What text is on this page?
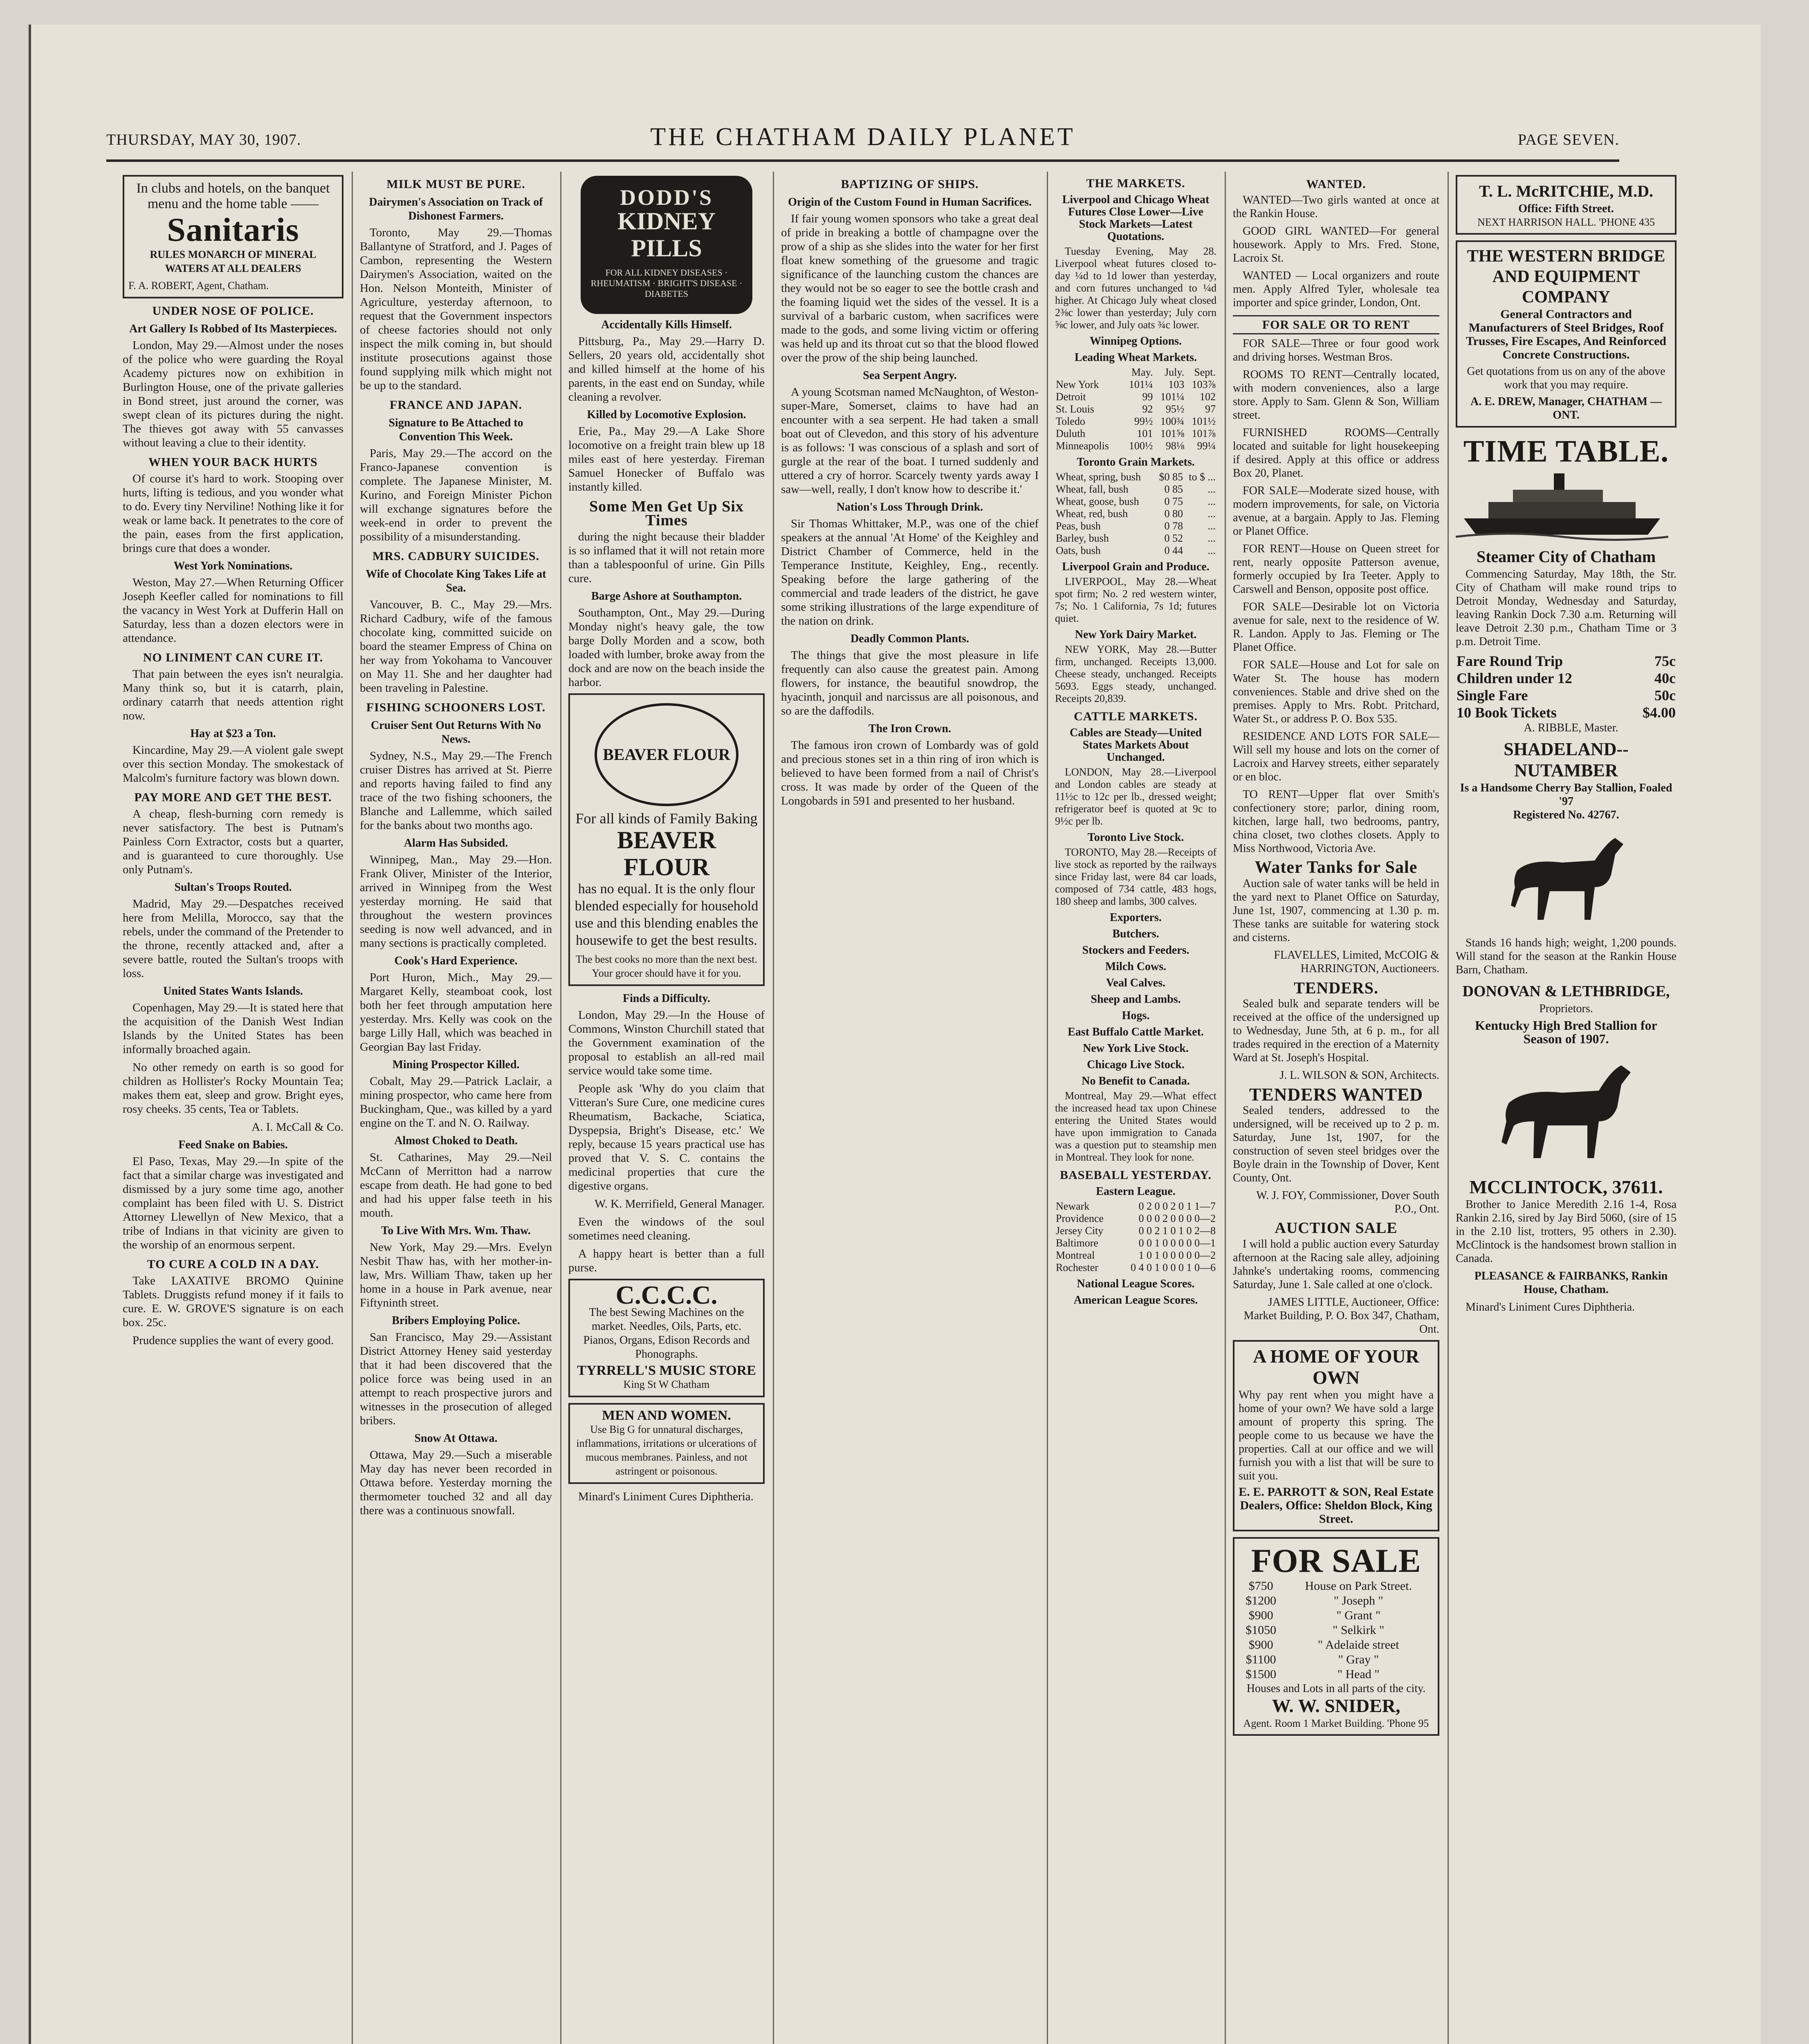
THURSDAY, MAY 30, 1907.	THE CHATHAM DAILY PLANET	PAGE SEVEN.
In clubs and hotels, on the banquet menu and the home table ——
Sanitaris
RULES MONARCH OF MINERAL WATERS AT ALL DEALERS
F. A. ROBERT, Agent, Chatham.
UNDER NOSE OF POLICE.
Art Gallery Is Robbed of Its Masterpieces.

London, May 29.—Almost under the noses of the police who were guarding the Royal Academy pictures now on exhibition in Burlington House, one of the private galleries in Bond street, just around the corner, was swept clean of its pictures during the night. The thieves got away with 55 canvasses without leaving a clue to their identity.

WHEN YOUR BACK HURTS

Of course it's hard to work. Stooping over hurts, lifting is tedious, and you wonder what to do. Every tiny Nerviline! Nothing like it for weak or lame back. It penetrates to the core of the pain, eases from the first application, brings cure that does a wonder.

West York Nominations.

Weston, May 27.—When Returning Officer Joseph Keefler called for nominations to fill the vacancy in West York at Dufferin Hall on Saturday, less than a dozen electors were in attendance.

NO LINIMENT CAN CURE IT.

That pain between the eyes isn't neuralgia. Many think so, but it is catarrh, plain, ordinary catarrh that needs attention right now.

Hay at $23 a Ton.

Kincardine, May 29.—A violent gale swept over this section Monday. The smokestack of Malcolm's furniture factory was blown down.

PAY MORE AND GET THE BEST.

A cheap, flesh-burning corn remedy is never satisfactory. The best is Putnam's Painless Corn Extractor, costs but a quarter, and is guaranteed to cure thoroughly. Use only Putnam's.

Sultan's Troops Routed.

Madrid, May 29.—Despatches received here from Melilla, Morocco, say that the rebels, under the command of the Pretender to the throne, recently attacked and, after a severe battle, routed the Sultan's troops with loss.

United States Wants Islands.

Copenhagen, May 29.—It is stated here that the acquisition of the Danish West Indian Islands by the United States has been informally broached again.

No other remedy on earth is so good for children as Hollister's Rocky Mountain Tea; makes them eat, sleep and grow. Bright eyes, rosy cheeks. 35 cents, Tea or Tablets.

A. I. McCall & Co.

Feed Snake on Babies.

El Paso, Texas, May 29.—In spite of the fact that a similar charge was investigated and dismissed by a jury some time ago, another complaint has been filed with U. S. District Attorney Llewellyn of New Mexico, that a tribe of Indians in that vicinity are given to the worship of an enormous serpent.

TO CURE A COLD IN A DAY.

Take LAXATIVE BROMO Quinine Tablets. Druggists refund money if it fails to cure. E. W. GROVE'S signature is on each box. 25c.

Prudence supplies the want of every good.

MILK MUST BE PURE.
Dairymen's Association on Track of Dishonest Farmers.

Toronto, May 29.—Thomas Ballantyne of Stratford, and J. Pages of Cambon, representing the Western Dairymen's Association, waited on the Hon. Nelson Monteith, Minister of Agriculture, yesterday afternoon, to request that the Government inspectors of cheese factories should not only inspect the milk coming in, but should institute prosecutions against those found supplying milk which might not be up to the standard.

FRANCE AND JAPAN.
Signature to Be Attached to Convention This Week.

Paris, May 29.—The accord on the Franco-Japanese convention is complete. The Japanese Minister, M. Kurino, and Foreign Minister Pichon will exchange signatures before the week-end in order to prevent the possibility of a misunderstanding.

MRS. CADBURY SUICIDES.
Wife of Chocolate King Takes Life at Sea.

Vancouver, B. C., May 29.—Mrs. Richard Cadbury, wife of the famous chocolate king, committed suicide on board the steamer Empress of China on her way from Yokohama to Vancouver on May 11. She and her daughter had been traveling in Palestine.

FISHING SCHOONERS LOST.
Cruiser Sent Out Returns With No News.

Sydney, N.S., May 29.—The French cruiser Distres has arrived at St. Pierre and reports having failed to find any trace of the two fishing schooners, the Blanche and Lallemme, which sailed for the banks about two months ago.

Alarm Has Subsided.

Winnipeg, Man., May 29.—Hon. Frank Oliver, Minister of the Interior, arrived in Winnipeg from the West yesterday morning. He said that throughout the western provinces seeding is now well advanced, and in many sections is practically completed.

Cook's Hard Experience.

Port Huron, Mich., May 29.—Margaret Kelly, steamboat cook, lost both her feet through amputation here yesterday. Mrs. Kelly was cook on the barge Lilly Hall, which was beached in Georgian Bay last Friday.

Mining Prospector Killed.

Cobalt, May 29.—Patrick Laclair, a mining prospector, who came here from Buckingham, Que., was killed by a yard engine on the T. and N. O. Railway.

Almost Choked to Death.

St. Catharines, May 29.—Neil McCann of Merritton had a narrow escape from death. He had gone to bed and had his upper false teeth in his mouth.

To Live With Mrs. Wm. Thaw.

New York, May 29.—Mrs. Evelyn Nesbit Thaw has, with her mother-in-law, Mrs. William Thaw, taken up her home in a house in Park avenue, near Fiftyninth street.

Bribers Employing Police.

San Francisco, May 29.—Assistant District Attorney Heney said yesterday that it had been discovered that the police force was being used in an attempt to reach prospective jurors and witnesses in the prosecution of alleged bribers.

Snow At Ottawa.

Ottawa, May 29.—Such a miserable May day has never been recorded in Ottawa before. Yesterday morning the thermometer touched 32 and all day there was a continuous snowfall.

DODD'S
KIDNEY PILLS
FOR ALL KIDNEY DISEASES · RHEUMATISM · BRIGHT'S DISEASE · DIABETES
Accidentally Kills Himself.

Pittsburg, Pa., May 29.—Harry D. Sellers, 20 years old, accidentally shot and killed himself at the home of his parents, in the east end on Sunday, while cleaning a revolver.

Killed by Locomotive Explosion.

Erie, Pa., May 29.—A Lake Shore locomotive on a freight train blew up 18 miles east of here yesterday. Fireman Samuel Honecker of Buffalo was instantly killed.

Some Men Get Up Six Times

during the night because their bladder is so inflamed that it will not retain more than a tablespoonful of urine. Gin Pills cure.

Barge Ashore at Southampton.

Southampton, Ont., May 29.—During Monday night's heavy gale, the tow barge Dolly Morden and a scow, both loaded with lumber, broke away from the dock and are now on the beach inside the harbor.

BEAVER FLOUR
For all kinds of Family Baking
BEAVER FLOUR
has no equal. It is the only flour blended especially for household use and this blending enables the housewife to get the best results.
The best cooks no more than the next best. Your grocer should have it for you.
Finds a Difficulty.

London, May 29.—In the House of Commons, Winston Churchill stated that the Government examination of the proposal to establish an all-red mail service would take some time.

People ask 'Why do you claim that Vitteran's Sure Cure, one medicine cures Rheumatism, Backache, Sciatica, Dyspepsia, Bright's Disease, etc.' We reply, because 15 years practical use has proved that V. S. C. contains the medicinal properties that cure the digestive organs.

W. K. Merrifield, General Manager.

Even the windows of the soul sometimes need cleaning.

A happy heart is better than a full purse.

C.C.C.C.
The best Sewing Machines on the market. Needles, Oils, Parts, etc. Pianos, Organs, Edison Records and Phonographs.
TYRRELL'S MUSIC STORE
King St W Chatham
MEN AND WOMEN.
Use Big G for unnatural discharges, inflammations, irritations or ulcerations of mucous membranes. Painless, and not astringent or poisonous.

Minard's Liniment Cures Diphtheria.

BAPTIZING OF SHIPS.
Origin of the Custom Found in Human Sacrifices.

If fair young women sponsors who take a great deal of pride in breaking a bottle of champagne over the prow of a ship as she slides into the water for her first float knew something of the gruesome and tragic significance of the launching custom the chances are they would not be so eager to see the bottle crash and the foaming liquid wet the sides of the vessel. It is a survival of a barbaric custom, when sacrifices were made to the gods, and some living victim or offering was held up and its throat cut so that the blood flowed over the prow of the ship being launched.

Sea Serpent Angry.

A young Scotsman named McNaughton, of Weston-super-Mare, Somerset, claims to have had an encounter with a sea serpent. He had taken a small boat out of Clevedon, and this story of his adventure is as follows: 'I was conscious of a splash and sort of gurgle at the rear of the boat. I turned suddenly and uttered a cry of horror. Scarcely twenty yards away I saw—well, really, I don't know how to describe it.'

Nation's Loss Through Drink.

Sir Thomas Whittaker, M.P., was one of the chief speakers at the annual 'At Home' of the Keighley and District Chamber of Commerce, held in the Temperance Institute, Keighley, Eng., recently. Speaking before the large gathering of the commercial and trade leaders of the district, he gave some striking illustrations of the large expenditure of the nation on drink.

Deadly Common Plants.

The things that give the most pleasure in life frequently can also cause the greatest pain. Among flowers, for instance, the beautiful snowdrop, the hyacinth, jonquil and narcissus are all poisonous, and so are the daffodils.

The Iron Crown.

The famous iron crown of Lombardy was of gold and precious stones set in a thin ring of iron which is believed to have been formed from a nail of Christ's cross. It was made by order of the Queen of the Longobards in 591 and presented to her husband.

THE MARKETS.
Liverpool and Chicago Wheat Futures Close Lower—Live Stock Markets—Latest Quotations.

Tuesday Evening, May 28. Liverpool wheat futures closed to-day ¼d to 1d lower than yesterday, and corn futures unchanged to ¼d higher. At Chicago July wheat closed 2⅜c lower than yesterday; July corn ⅝c lower, and July oats ¾c lower.

Winnipeg Options.
Leading Wheat Markets.
	May.	July.	Sept.
New York	101¼	103	103⅞
Detroit	99	101¼	102
St. Louis	92	95½	97
Toledo	99½	100¾	101½
Duluth	101	101⅝	101⅞
Minneapolis	100½	98⅛	99¼
Toronto Grain Markets.
Wheat, spring, bush	$0 85	to $ ...
Wheat, fall, bush	0 85	...
Wheat, goose, bush	0 75	...
Wheat, red, bush	0 80	...
Peas, bush	0 78	...
Barley, bush	0 52	...
Oats, bush	0 44	...
Liverpool Grain and Produce.

LIVERPOOL, May 28.—Wheat spot firm; No. 2 red western winter, 7s; No. 1 California, 7s 1d; futures quiet.

New York Dairy Market.

NEW YORK, May 28.—Butter firm, unchanged. Receipts 13,000. Cheese steady, unchanged. Receipts 5693. Eggs steady, unchanged. Receipts 20,839.

CATTLE MARKETS.
Cables are Steady—United States Markets About Unchanged.

LONDON, May 28.—Liverpool and London cables are steady at 11½c to 12c per lb., dressed weight; refrigerator beef is quoted at 9c to 9½c per lb.

Toronto Live Stock.

TORONTO, May 28.—Receipts of live stock as reported by the railways since Friday last, were 84 car loads, composed of 734 cattle, 483 hogs, 180 sheep and lambs, 300 calves.

Exporters.
Butchers.
Stockers and Feeders.
Milch Cows.
Veal Calves.
Sheep and Lambs.
Hogs.
East Buffalo Cattle Market.
New York Live Stock.
Chicago Live Stock.
No Benefit to Canada.

Montreal, May 29.—What effect the increased head tax upon Chinese entering the United States would have upon immigration to Canada was a question put to steamship men in Montreal. They look for none.

BASEBALL YESTERDAY.
Eastern League.
Newark	0 2 0 0 2 0 1 1—7
Providence	0 0 0 2 0 0 0 0—2
Jersey City	0 0 2 1 0 1 0 2—8
Baltimore	0 0 1 0 0 0 0 0—1
Montreal	1 0 1 0 0 0 0 0—2
Rochester	0 4 0 1 0 0 0 1 0—6
National League Scores.
American League Scores.
WANTED.

WANTED—Two girls wanted at once at the Rankin House.

GOOD GIRL WANTED—For general housework. Apply to Mrs. Fred. Stone, Lacroix St.

WANTED — Local organizers and route men. Apply Alfred Tyler, wholesale tea importer and spice grinder, London, Ont.

FOR SALE OR TO RENT

FOR SALE—Three or four good work and driving horses. Westman Bros.

ROOMS TO RENT—Centrally located, with modern conveniences, also a large store. Apply to Sam. Glenn & Son, William street.

FURNISHED ROOMS—Centrally located and suitable for light housekeeping if desired. Apply at this office or address Box 20, Planet.

FOR SALE—Moderate sized house, with modern improvements, for sale, on Victoria avenue, at a bargain. Apply to Jas. Fleming or Planet Office.

FOR RENT—House on Queen street for rent, nearly opposite Patterson avenue, formerly occupied by Ira Teeter. Apply to Carswell and Benson, opposite post office.

FOR SALE—Desirable lot on Victoria avenue for sale, next to the residence of W. R. Landon. Apply to Jas. Fleming or The Planet Office.

FOR SALE—House and Lot for sale on Water St. The house has modern conveniences. Stable and drive shed on the premises. Apply to Mrs. Robt. Pritchard, Water St., or address P. O. Box 535.

RESIDENCE AND LOTS FOR SALE—Will sell my house and lots on the corner of Lacroix and Harvey streets, either separately or en bloc.

TO RENT—Upper flat over Smith's confectionery store; parlor, dining room, kitchen, large hall, two bedrooms, pantry, china closet, two clothes closets. Apply to Miss Northwood, Victoria Ave.

Water Tanks for Sale

Auction sale of water tanks will be held in the yard next to Planet Office on Saturday, June 1st, 1907, commencing at 1.30 p. m. These tanks are suitable for watering stock and cisterns.

FLAVELLES, Limited, McCOIG & HARRINGTON, Auctioneers.

TENDERS.

Sealed bulk and separate tenders will be received at the office of the undersigned up to Wednesday, June 5th, at 6 p. m., for all trades required in the erection of a Maternity Ward at St. Joseph's Hospital.

J. L. WILSON & SON, Architects.

TENDERS WANTED

Sealed tenders, addressed to the undersigned, will be received up to 2 p. m. Saturday, June 1st, 1907, for the construction of seven steel bridges over the Boyle drain in the Township of Dover, Kent County, Ont.

W. J. FOY, Commissioner, Dover South P.O., Ont.

AUCTION SALE

I will hold a public auction every Saturday afternoon at the Racing sale alley, adjoining Jahnke's undertaking rooms, commencing Saturday, June 1. Sale called at one o'clock.

JAMES LITTLE, Auctioneer, Office: Market Building, P. O. Box 347, Chatham, Ont.

A HOME OF YOUR OWN
Why pay rent when you might have a home of your own? We have sold a large amount of property this spring. The people come to us because we have the properties. Call at our office and we will furnish you with a list that will be sure to suit you.
E. E. PARROTT & SON, Real Estate Dealers, Office: Sheldon Block, King Street.
FOR SALE
$750	House on Park Street.
$1200	" Joseph "
$900	" Grant "
$1050	" Selkirk "
$900	" Adelaide street
$1100	" Gray "
$1500	" Head "
Houses and Lots in all parts of the city.
W. W. SNIDER,
Agent. Room 1 Market Building. 'Phone 95
T. L. McRITCHIE, M.D.
Office: Fifth Street.
NEXT HARRISON HALL. 'PHONE 435
THE WESTERN BRIDGE AND EQUIPMENT COMPANY
General Contractors and Manufacturers of Steel Bridges, Roof Trusses, Fire Escapes, And Reinforced Concrete Constructions.
Get quotations from us on any of the above work that you may require.
A. E. DREW, Manager, CHATHAM — ONT.
TIME TABLE.
Steamer City of Chatham

Commencing Saturday, May 18th, the Str. City of Chatham will make round trips to Detroit Monday, Wednesday and Saturday, leaving Rankin Dock 7.30 a.m. Returning will leave Detroit 2.30 p.m., Chatham Time or 3 p.m. Detroit Time.

Fare Round Trip	75c
Children under 12	40c
Single Fare	50c
10 Book Tickets	$4.00

A. RIBBLE, Master.

SHADELAND--NUTAMBER
Is a Handsome Cherry Bay Stallion, Foaled '97
Registered No. 42767.

Stands 16 hands high; weight, 1,200 pounds. Will stand for the season at the Rankin House Barn, Chatham.

DONOVAN & LETHBRIDGE,
Proprietors.
Kentucky High Bred Stallion for Season of 1907.
MCCLINTOCK, 37611.

Brother to Janice Meredith 2.16 1-4, Rosa Rankin 2.16, sired by Jay Bird 5060, (sire of 15 in the 2.10 list, trotters, 95 others in 2.30). McClintock is the handsomest brown stallion in Canada.

PLEASANCE & FAIRBANKS, Rankin House, Chatham.

Minard's Liniment Cures Diphtheria.
